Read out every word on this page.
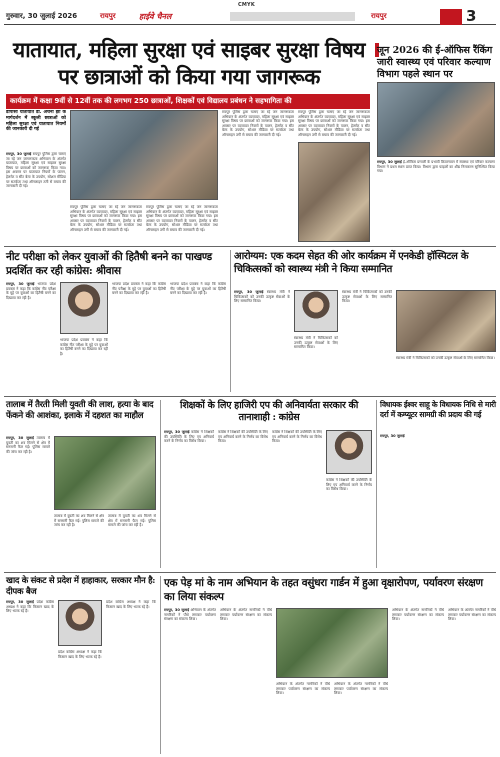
CMYK
गुरुवार, 30 जुलाई 2026	रायपुर	हाईवे चैनल	रायपुर	3
यातायात, महिला सुरक्षा एवं साइबर सुरक्षा विषय पर छात्राओं को किया गया जागरूक
कार्यक्रम में कक्षा 9वीं से 12वीं तक की लगभग 250 छात्राओं, शिक्षकों एवं विद्यालय प्रबंधन ने सहभागिता की
डीपीसी यातायात डॉ. अर्चना झा के मार्गदर्शन में स्कूली छात्राओं को महिला सुरक्षा एवं यातायात नियमों की जानकारी दी गई
रायपुर, 30 जुलाई रायपुर पुलिस द्वारा चलाए जा रहे जन जागरूकता अभियान के अंतर्गत यातायात, महिला सुरक्षा एवं साइबर सुरक्षा विषय पर छात्राओं को जागरूक किया गया। इस अवसर पर यातायात नियमों के पालन, हेलमेट व सीट बेल्ट के उपयोग, सोशल मीडिया पर सतर्कता तथा ऑनलाइन ठगी से बचाव की जानकारी दी गई।
रायपुर पुलिस द्वारा चलाए जा रहे जन जागरूकता अभियान के अंतर्गत यातायात, महिला सुरक्षा एवं साइबर सुरक्षा विषय पर छात्राओं को जागरूक किया गया। इस अवसर पर यातायात नियमों के पालन, हेलमेट व सीट बेल्ट के उपयोग, सोशल मीडिया पर सतर्कता तथा ऑनलाइन ठगी से बचाव की जानकारी दी गई।
रायपुर पुलिस द्वारा चलाए जा रहे जन जागरूकता अभियान के अंतर्गत यातायात, महिला सुरक्षा एवं साइबर सुरक्षा विषय पर छात्राओं को जागरूक किया गया। इस अवसर पर यातायात नियमों के पालन, हेलमेट व सीट बेल्ट के उपयोग, सोशल मीडिया पर सतर्कता तथा ऑनलाइन ठगी से बचाव की जानकारी दी गई।
रायपुर पुलिस द्वारा चलाए जा रहे जन जागरूकता अभियान के अंतर्गत यातायात, महिला सुरक्षा एवं साइबर सुरक्षा विषय पर छात्राओं को जागरूक किया गया। इस अवसर पर यातायात नियमों के पालन, हेलमेट व सीट बेल्ट के उपयोग, सोशल मीडिया पर सतर्कता तथा ऑनलाइन ठगी से बचाव की जानकारी दी गई।
रायपुर पुलिस द्वारा चलाए जा रहे जन जागरूकता अभियान के अंतर्गत यातायात, महिला सुरक्षा एवं साइबर सुरक्षा विषय पर छात्राओं को जागरूक किया गया। इस अवसर पर यातायात नियमों के पालन, हेलमेट व सीट बेल्ट के उपयोग, सोशल मीडिया पर सतर्कता तथा ऑनलाइन ठगी से बचाव की जानकारी दी गई।
जून 2026 की ई-ऑफिस रैंकिंग जारी स्वास्थ्य एवं परिवार कल्याण विभाग पहले स्थान पर
रायपुर, 30 जुलाई ई-ऑफिस प्रणाली के प्रभावी क्रियान्वयन में स्वास्थ्य एवं परिवार कल्याण विभाग ने प्रथम स्थान प्राप्त किया। विभाग द्वारा फाइलों का शीघ्र निराकरण सुनिश्चित किया गया।
नीट परीक्षा को लेकर युवाओं की हितैषी बनने का पाखण्ड प्रदर्शित कर रही कांग्रेस: श्रीवास
रायपुर, 30 जुलाई भाजपा प्रदेश प्रवक्ता ने कहा कि कांग्रेस नीट परीक्षा के मुद्दे पर युवाओं का हितैषी बनने का दिखावा कर रही है।
भाजपा प्रदेश प्रवक्ता ने कहा कि कांग्रेस नीट परीक्षा के मुद्दे पर युवाओं का हितैषी बनने का दिखावा कर रही है।
भाजपा प्रदेश प्रवक्ता ने कहा कि कांग्रेस नीट परीक्षा के मुद्दे पर युवाओं का हितैषी बनने का दिखावा कर रही है।
भाजपा प्रदेश प्रवक्ता ने कहा कि कांग्रेस नीट परीक्षा के मुद्दे पर युवाओं का हितैषी बनने का दिखावा कर रही है।
आरोग्यम: एक कदम सेहत की ओर कार्यक्रम में एनकेडी हॉस्पिटल के चिकित्सकों को स्वास्थ्य मंत्री ने किया सम्मानित
रायपुर, 30 जुलाई स्वास्थ्य मंत्री ने चिकित्सकों को उनकी उत्कृष्ट सेवाओं के लिए सम्मानित किया।
स्वास्थ्य मंत्री ने चिकित्सकों को उनकी उत्कृष्ट सेवाओं के लिए सम्मानित किया।
स्वास्थ्य मंत्री ने चिकित्सकों को उनकी उत्कृष्ट सेवाओं के लिए सम्मानित किया।
स्वास्थ्य मंत्री ने चिकित्सकों को उनकी उत्कृष्ट सेवाओं के लिए सम्मानित किया।
तालाब में तैरती मिली युवती की लाश, हत्या के बाद फेंकने की आशंका, इलाके में दहशत का माहौल
रायपुर, 30 जुलाई तालाब में युवती का शव मिलने से क्षेत्र में सनसनी फैल गई। पुलिस मामले की जांच कर रही है।
तालाब में युवती का शव मिलने से क्षेत्र में सनसनी फैल गई। पुलिस मामले की जांच कर रही है।
तालाब में युवती का शव मिलने से क्षेत्र में सनसनी फैल गई। पुलिस मामले की जांच कर रही है।
शिक्षकों के लिए हाजिरी एप की अनिवार्यता सरकार की तानाशाही : कांग्रेस
रायपुर, 30 जुलाई कांग्रेस ने शिक्षकों की उपस्थिति के लिए एप अनिवार्य करने के निर्णय का विरोध किया।
कांग्रेस ने शिक्षकों की उपस्थिति के लिए एप अनिवार्य करने के निर्णय का विरोध किया।
कांग्रेस ने शिक्षकों की उपस्थिति के लिए एप अनिवार्य करने के निर्णय का विरोध किया।
कांग्रेस ने शिक्षकों की उपस्थिति के लिए एप अनिवार्य करने के निर्णय का विरोध किया।
विधायक ईश्वर साहू के विधायक निधि से मारी दर्रा में कम्प्यूटर सामग्री की प्रदाय की गई
रायपुर, 30 जुलाई
खाद के संकट से प्रदेश में हाहाकार, सरकार मौन है: दीपक बैज
रायपुर, 30 जुलाई प्रदेश कांग्रेस अध्यक्ष ने कहा कि किसान खाद के लिए भटक रहे हैं।
प्रदेश कांग्रेस अध्यक्ष ने कहा कि किसान खाद के लिए भटक रहे हैं।
प्रदेश कांग्रेस अध्यक्ष ने कहा कि किसान खाद के लिए भटक रहे हैं।
एक पेड़ मां के नाम अभियान के तहत वसुंधरा गार्डन में हुआ वृक्षारोपण, पर्यावरण संरक्षण का लिया संकल्प
रायपुर, 30 जुलाई अभियान के अंतर्गत नागरिकों ने पौधे लगाकर पर्यावरण संरक्षण का संकल्प लिया।
अभियान के अंतर्गत नागरिकों ने पौधे लगाकर पर्यावरण संरक्षण का संकल्प लिया।
अभियान के अंतर्गत नागरिकों ने पौधे लगाकर पर्यावरण संरक्षण का संकल्प लिया।
अभियान के अंतर्गत नागरिकों ने पौधे लगाकर पर्यावरण संरक्षण का संकल्प लिया।
अभियान के अंतर्गत नागरिकों ने पौधे लगाकर पर्यावरण संरक्षण का संकल्प लिया।
अभियान के अंतर्गत नागरिकों ने पौधे लगाकर पर्यावरण संरक्षण का संकल्प लिया।
